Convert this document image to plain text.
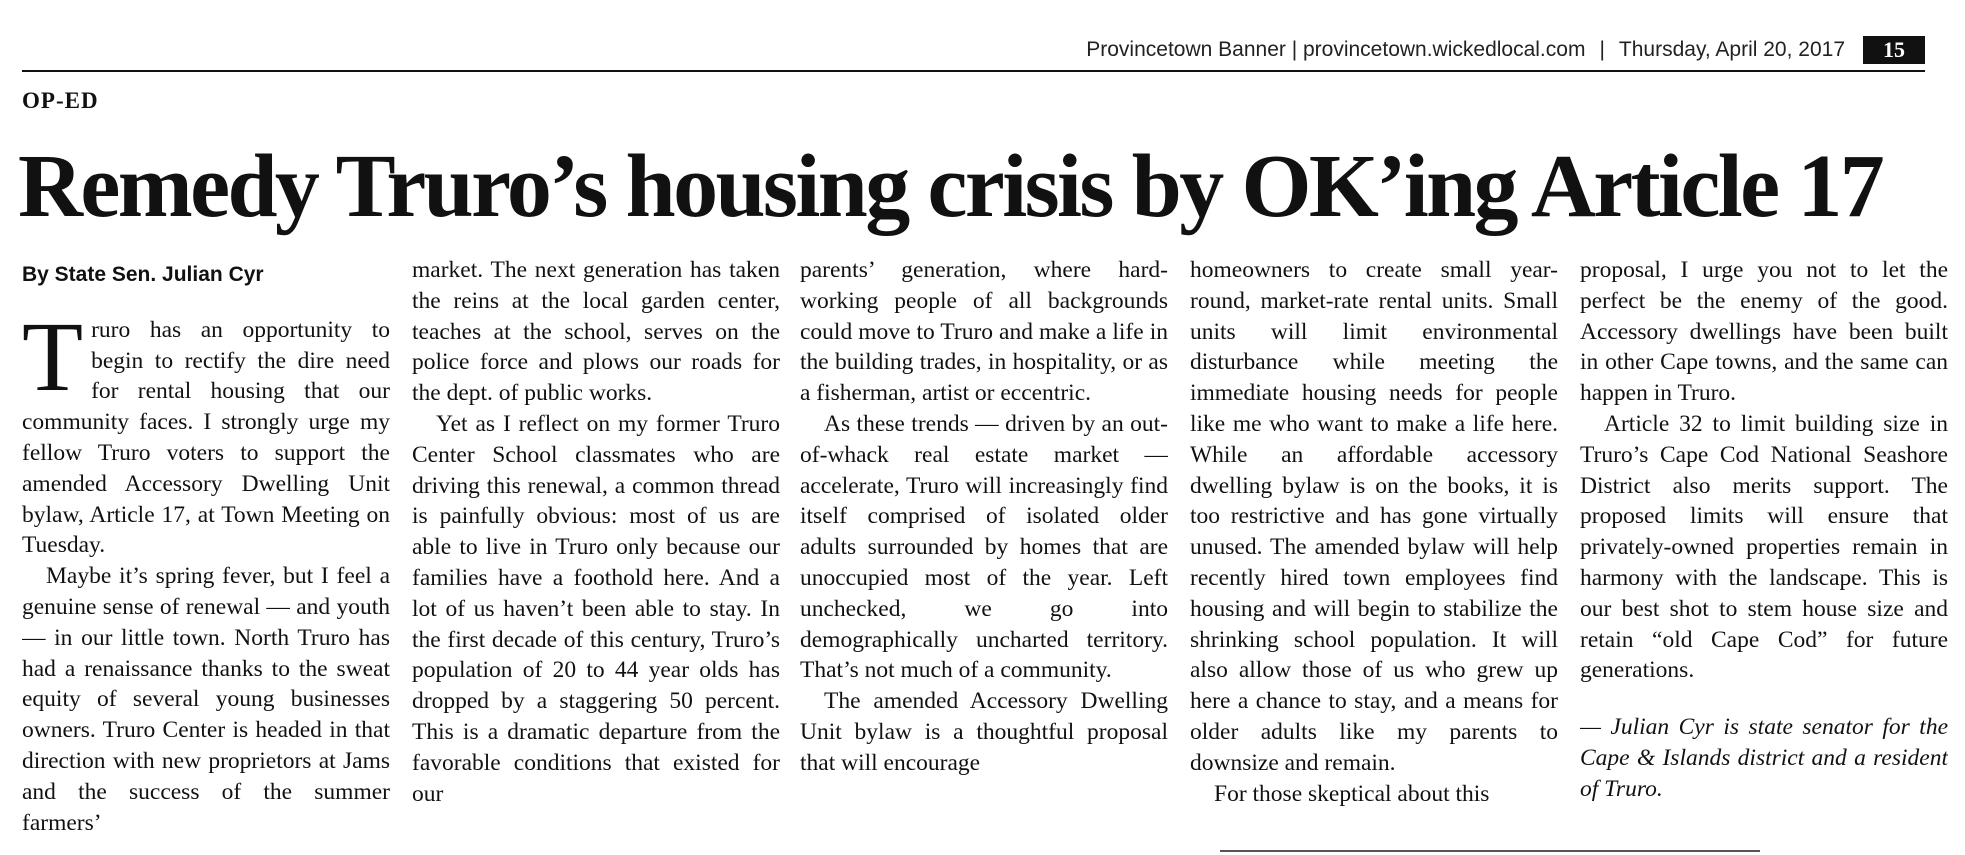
Provincetown Banner | provincetown.wickedlocal.com | Thursday, April 20, 2017	15
OP-ED
Remedy Truro’s housing crisis by OK’ing Article 17
By State Sen. Julian Cyr

Truro has an opportunity to begin to rectify the dire need for rental housing that our community faces. I strongly urge my fellow Truro voters to support the amended Accessory Dwelling Unit bylaw, Article 17, at Town Meeting on Tuesday.

Maybe it’s spring fever, but I feel a genuine sense of renewal — and youth — in our little town. North Truro has had a renaissance thanks to the sweat equity of several young businesses owners. Truro Center is headed in that direction with new proprietors at Jams and the success of the summer farmers’

market. The next generation has taken the reins at the local garden center, teaches at the school, serves on the police force and plows our roads for the dept. of public works.

Yet as I reflect on my former Truro Center School classmates who are driving this renewal, a common thread is painfully obvious: most of us are able to live in Truro only because our families have a foothold here. And a lot of us haven’t been able to stay. In the first decade of this century, Truro’s population of 20 to 44 year olds has dropped by a staggering 50 percent. This is a dramatic departure from the favorable conditions that existed for our

parents’ generation, where hard-working people of all backgrounds could move to Truro and make a life in the building trades, in hospitality, or as a fisherman, artist or eccentric.

As these trends — driven by an out-of-whack real estate market — accelerate, Truro will increasingly find itself comprised of isolated older adults surrounded by homes that are unoccupied most of the year. Left unchecked, we go into demographically uncharted territory. That’s not much of a community.

The amended Accessory Dwelling Unit bylaw is a thoughtful proposal that will encourage

homeowners to create small year-round, market-rate rental units. Small units will limit environmental disturbance while meeting the immediate housing needs for people like me who want to make a life here. While an affordable accessory dwelling bylaw is on the books, it is too restrictive and has gone virtually unused. The amended bylaw will help recently hired town employees find housing and will begin to stabilize the shrinking school population. It will also allow those of us who grew up here a chance to stay, and a means for older adults like my parents to downsize and remain.

For those skeptical about this

proposal, I urge you not to let the perfect be the enemy of the good. Accessory dwellings have been built in other Cape towns, and the same can happen in Truro.

Article 32 to limit building size in Truro’s Cape Cod National Seashore District also merits support. The proposed limits will ensure that privately-owned properties remain in harmony with the landscape. This is our best shot to stem house size and retain “old Cape Cod” for future generations.

— Julian Cyr is state senator for the Cape & Islands district and a resident of Truro.
